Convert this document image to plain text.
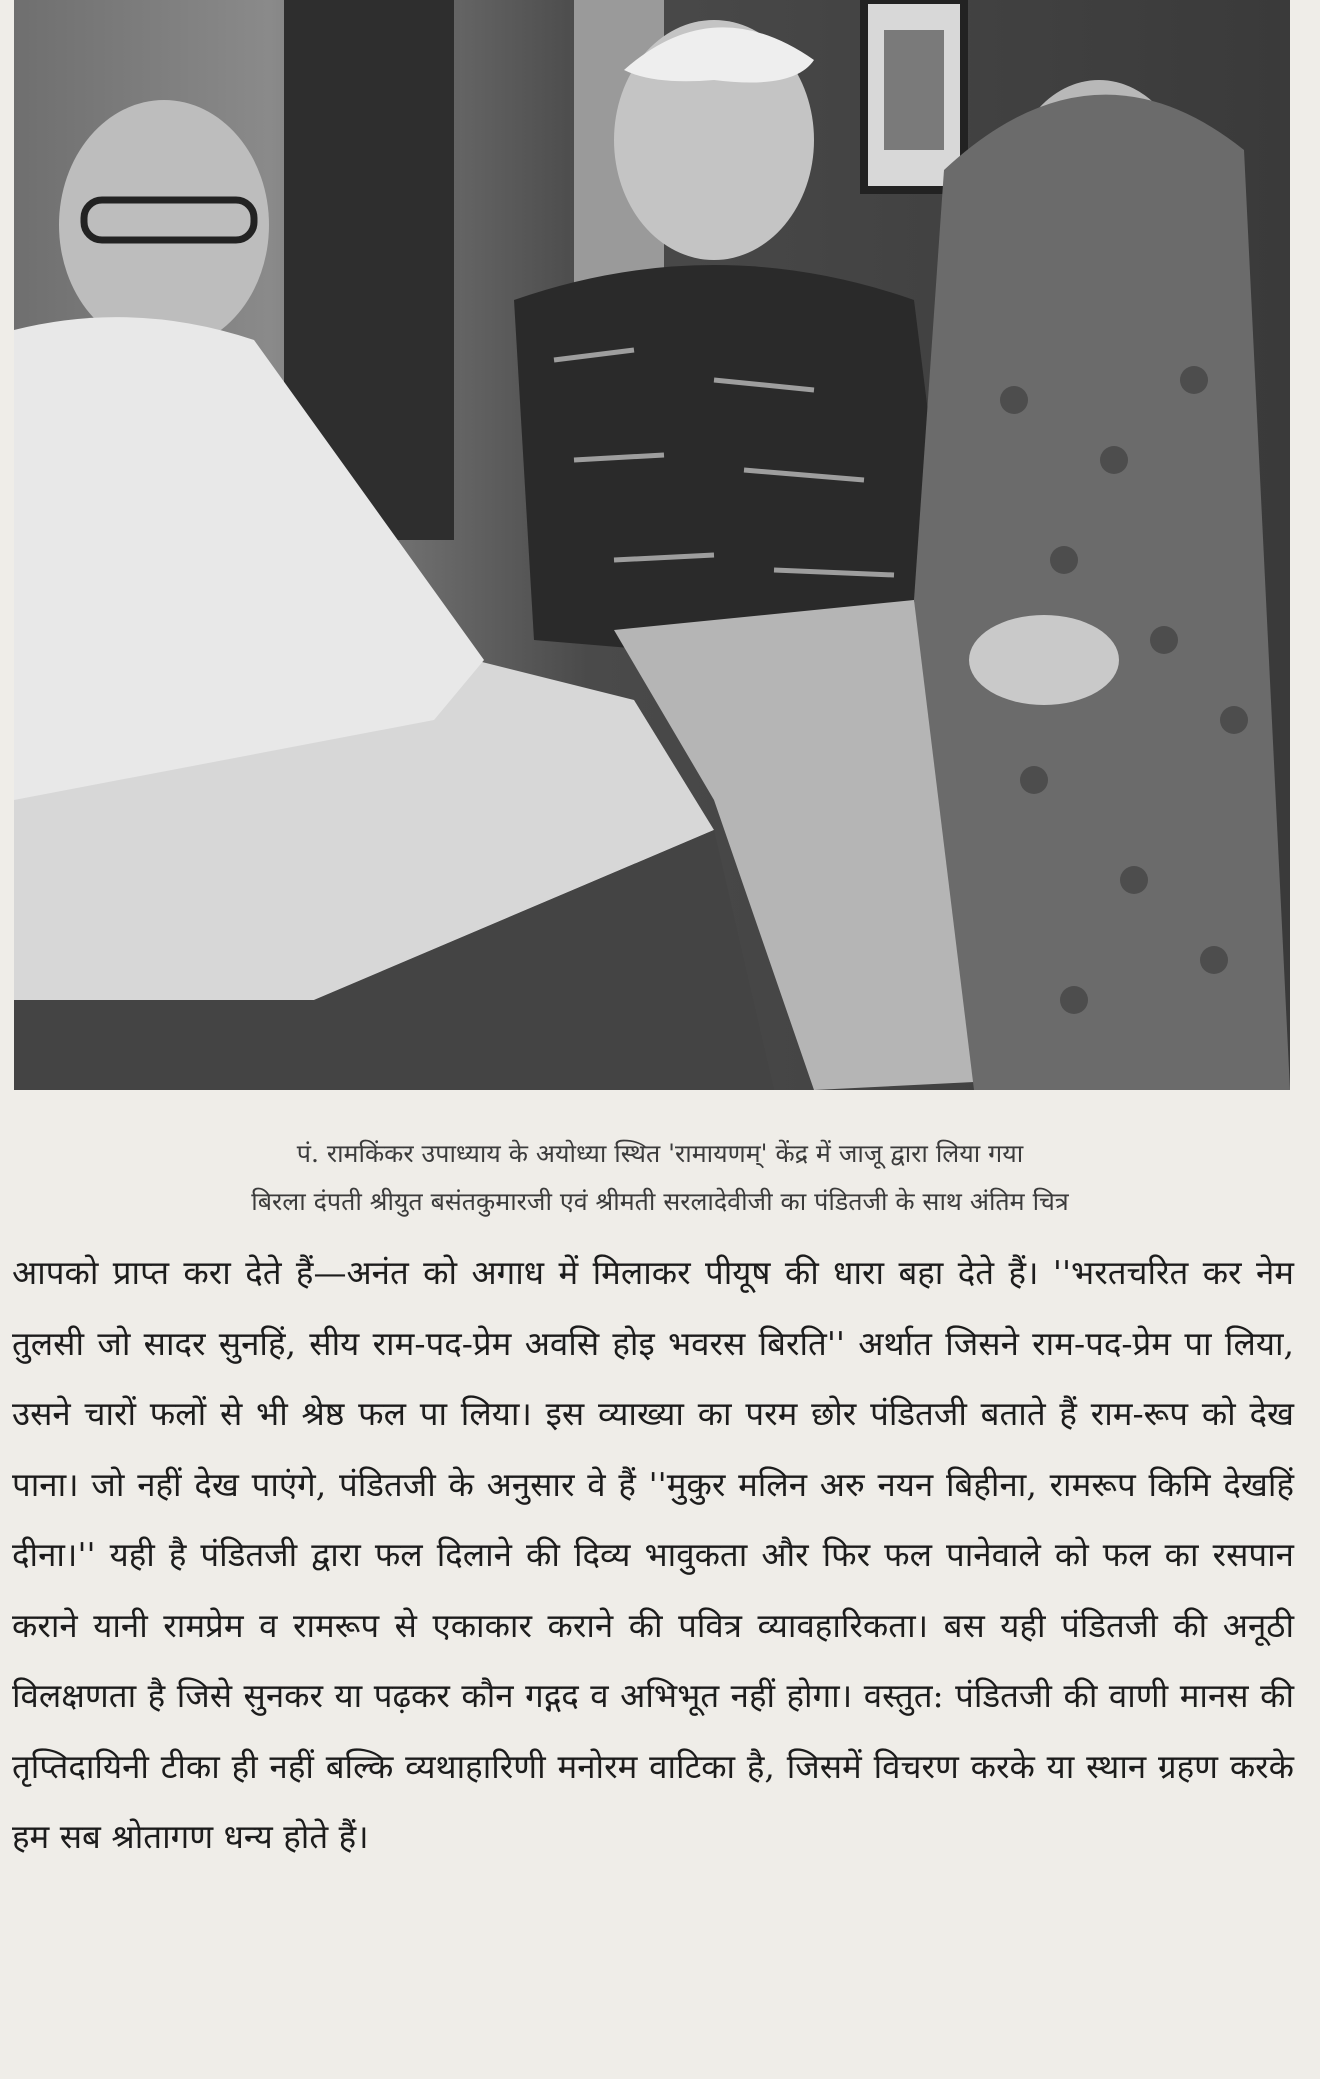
पं. रामकिंकर उपाध्याय के अयोध्या स्थित 'रामायणम्' केंद्र में जाजू द्वारा लिया गया
बिरला दंपती श्रीयुत बसंतकुमारजी एवं श्रीमती सरलादेवीजी का पंडितजी के साथ अंतिम चित्र

आपको प्राप्त करा देते हैं—अनंत को अगाध में मिलाकर पीयूष की धारा बहा देते हैं। ''भरतचरित कर नेम तुलसी जो सादर सुनहिं, सीय राम-पद-प्रेम अवसि होइ भवरस बिरति'' अर्थात जिसने राम-पद-प्रेम पा लिया, उसने चारों फलों से भी श्रेष्ठ फल पा लिया। इस व्याख्या का परम छोर पंडितजी बताते हैं राम-रूप को देख पाना। जो नहीं देख पाएंगे, पंडितजी के अनुसार वे हैं ''मुकुर मलिन अरु नयन बिहीना, रामरूप किमि देखहिं दीना।'' यही है पंडितजी द्वारा फल दिलाने की दिव्य भावुकता और फिर फल पानेवाले को फल का रसपान कराने यानी रामप्रेम व रामरूप से एकाकार कराने की पवित्र व्यावहारिकता। बस यही पंडितजी की अनूठी विलक्षणता है जिसे सुनकर या पढ़कर कौन गद्गद व अभिभूत नहीं होगा। वस्तुत: पंडितजी की वाणी मानस की तृप्तिदायिनी टीका ही नहीं बल्कि व्यथाहारिणी मनोरम वाटिका है, जिसमें विचरण करके या स्थान ग्रहण करके हम सब श्रोतागण धन्य होते हैं।
